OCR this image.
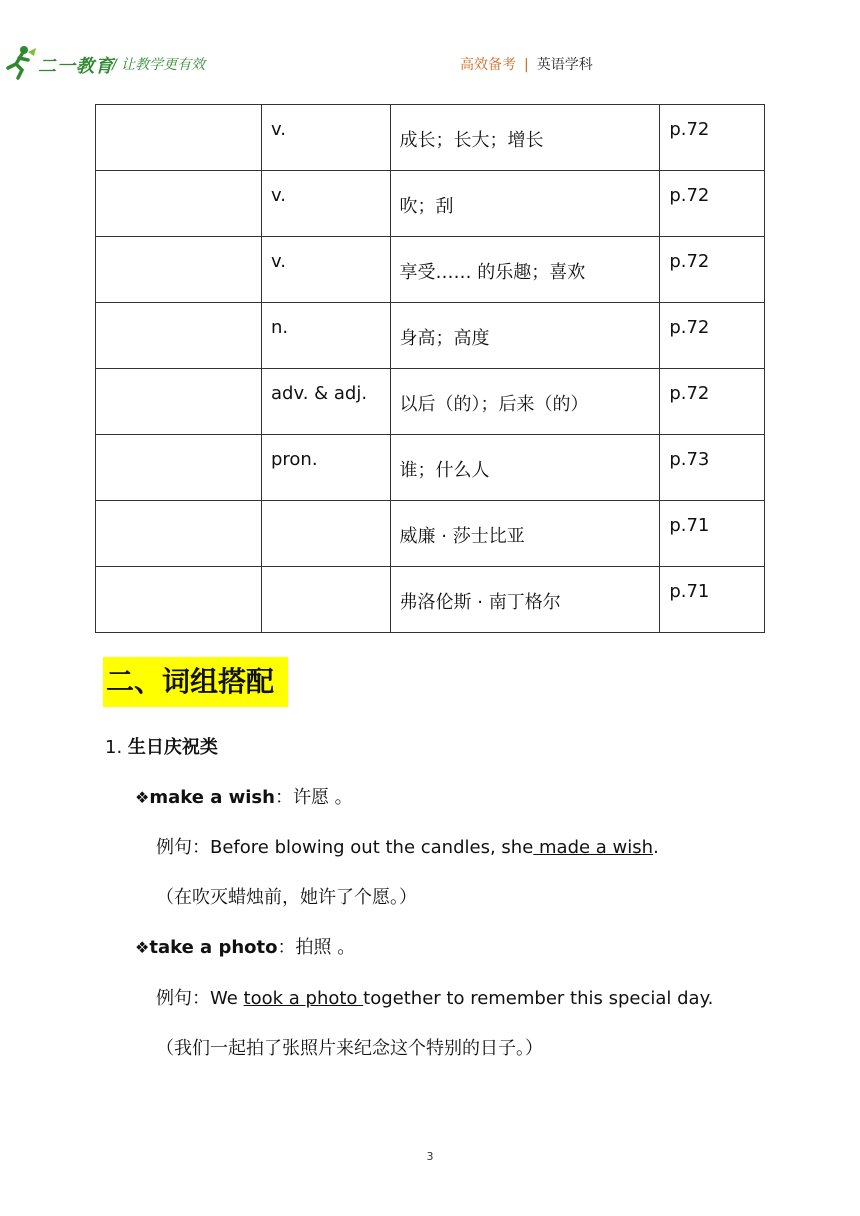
二一教育
/ 让教学更有效	高效备考 | 英语学科

	v.	成长；长大；增长	p.72

	v.	吹；刮	p.72

	v.	享受…… 的乐趣；喜欢	p.72

	n.	身高；高度	p.72

	adv. & adj.	以后（的）；后来（的）	p.72

	pron.	谁；什么人	p.73

		威廉 · 莎士比亚	p.71

		弗洛伦斯 · 南丁格尔	p.71
二、词组搭配
1. 生日庆祝类
❖make a wish：许愿 。
例句：Before blowing out the candles, she made a wish.
（在吹灭蜡烛前，她许了个愿。）
❖take a photo：拍照 。
例句：We took a photo together to remember this special day.
（我们一起拍了张照片来纪念这个特别的日子。）
3
